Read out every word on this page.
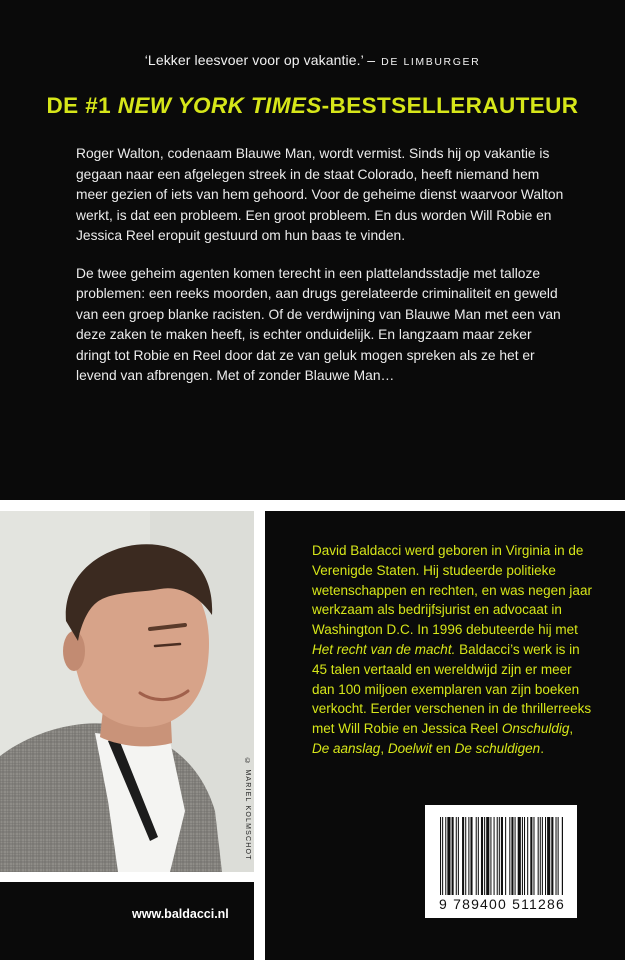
‘Lekker leesvoer voor op vakantie.’ – DE LIMBURGER
DE #1 NEW YORK TIMES-BESTSELLERAUTEUR

Roger Walton, codenaam Blauwe Man, wordt vermist. Sinds hij op vakantie is gegaan naar een afgelegen streek in de staat Colorado, heeft niemand hem meer gezien of iets van hem gehoord. Voor de geheime dienst waarvoor Walton werkt, is dat een probleem. Een groot probleem. En dus worden Will Robie en Jessica Reel eropuit gestuurd om hun baas te vinden.

De twee geheim agenten komen terecht in een plattelandsstadje met talloze problemen: een reeks moorden, aan drugs gerelateerde criminaliteit en geweld van een groep blanke racisten. Of de verdwijning van Blauwe Man met een van deze zaken te maken heeft, is echter onduidelijk. En langzaam maar zeker dringt tot Robie en Reel door dat ze van geluk mogen spreken als ze het er levend van afbrengen. Met of zonder Blauwe Man…

© MARIEL KOLMSCHOT
www.baldacci.nl
David Baldacci werd geboren in Virginia in de Verenigde Staten. Hij studeerde politieke wetenschappen en rechten, en was negen jaar werkzaam als bedrijfsjurist en advocaat in Washington D.C. In 1996 debuteerde hij met Het recht van de macht. Baldacci’s werk is in 45 talen vertaald en wereldwijd zijn er meer dan 100 miljoen exemplaren van zijn boeken verkocht. Eerder verschenen in de thrillerreeks met Will Robie en Jessica Reel Onschuldig, De aanslag, Doelwit en De schuldigen.
9 789400 511286
